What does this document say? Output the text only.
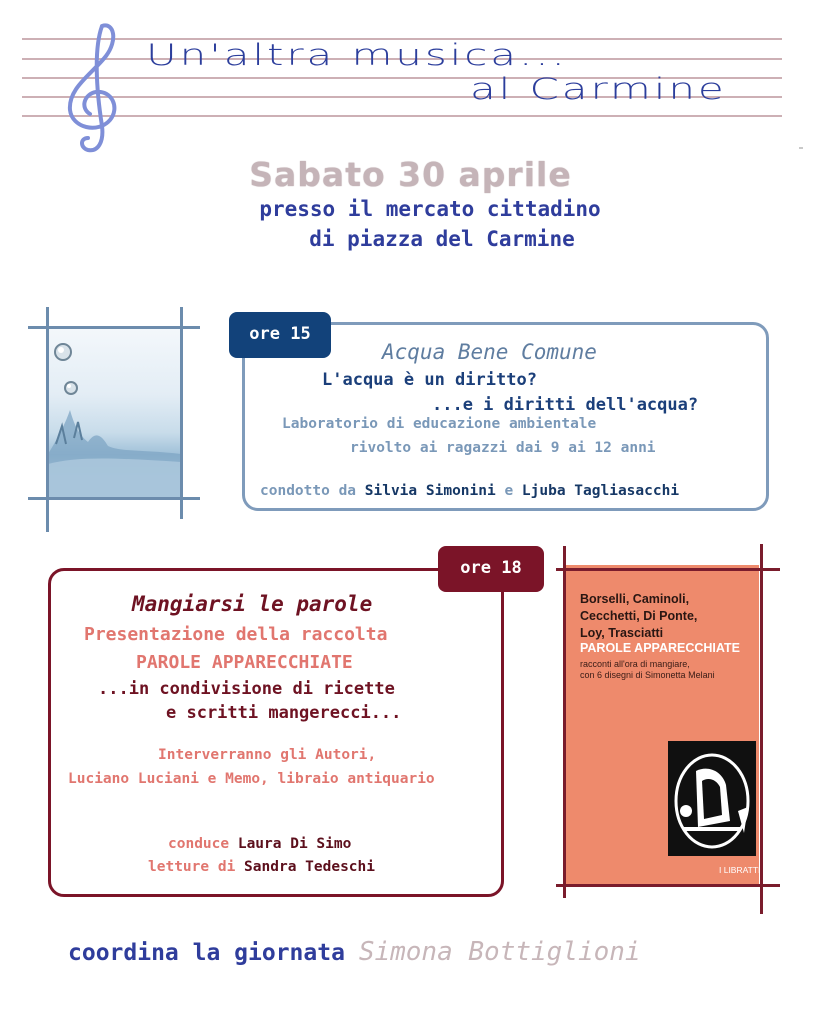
Un'altra musica...
al Carmine
Sabato 30 aprile
presso il mercato cittadino
di piazza del Carmine
ore 15
Acqua Bene Comune
L'acqua è un diritto?
...e i diritti dell'acqua?
Laboratorio di educazione ambientale
rivolto ai ragazzi dai 9 ai 12 anni
condotto da Silvia Simonini e Ljuba Tagliasacchi
ore 18
Mangiarsi le parole
Presentazione della raccolta
PAROLE APPARECCHIATE
...in condivisione di ricette
e scritti mangerecci...
Interverranno gli Autori,
Luciano Luciani e Memo, libraio antiquario
conduce Laura Di Simo
letture di Sandra Tedeschi
Borselli, Caminoli,
Cecchetti, Di Ponte,
Loy, Trasciatti
PAROLE APPARECCHIATE
racconti all'ora di mangiare,
con 6 disegni di Simonetta Melani
I LIBRATTI
coordina la giornata Simona Bottiglioni
